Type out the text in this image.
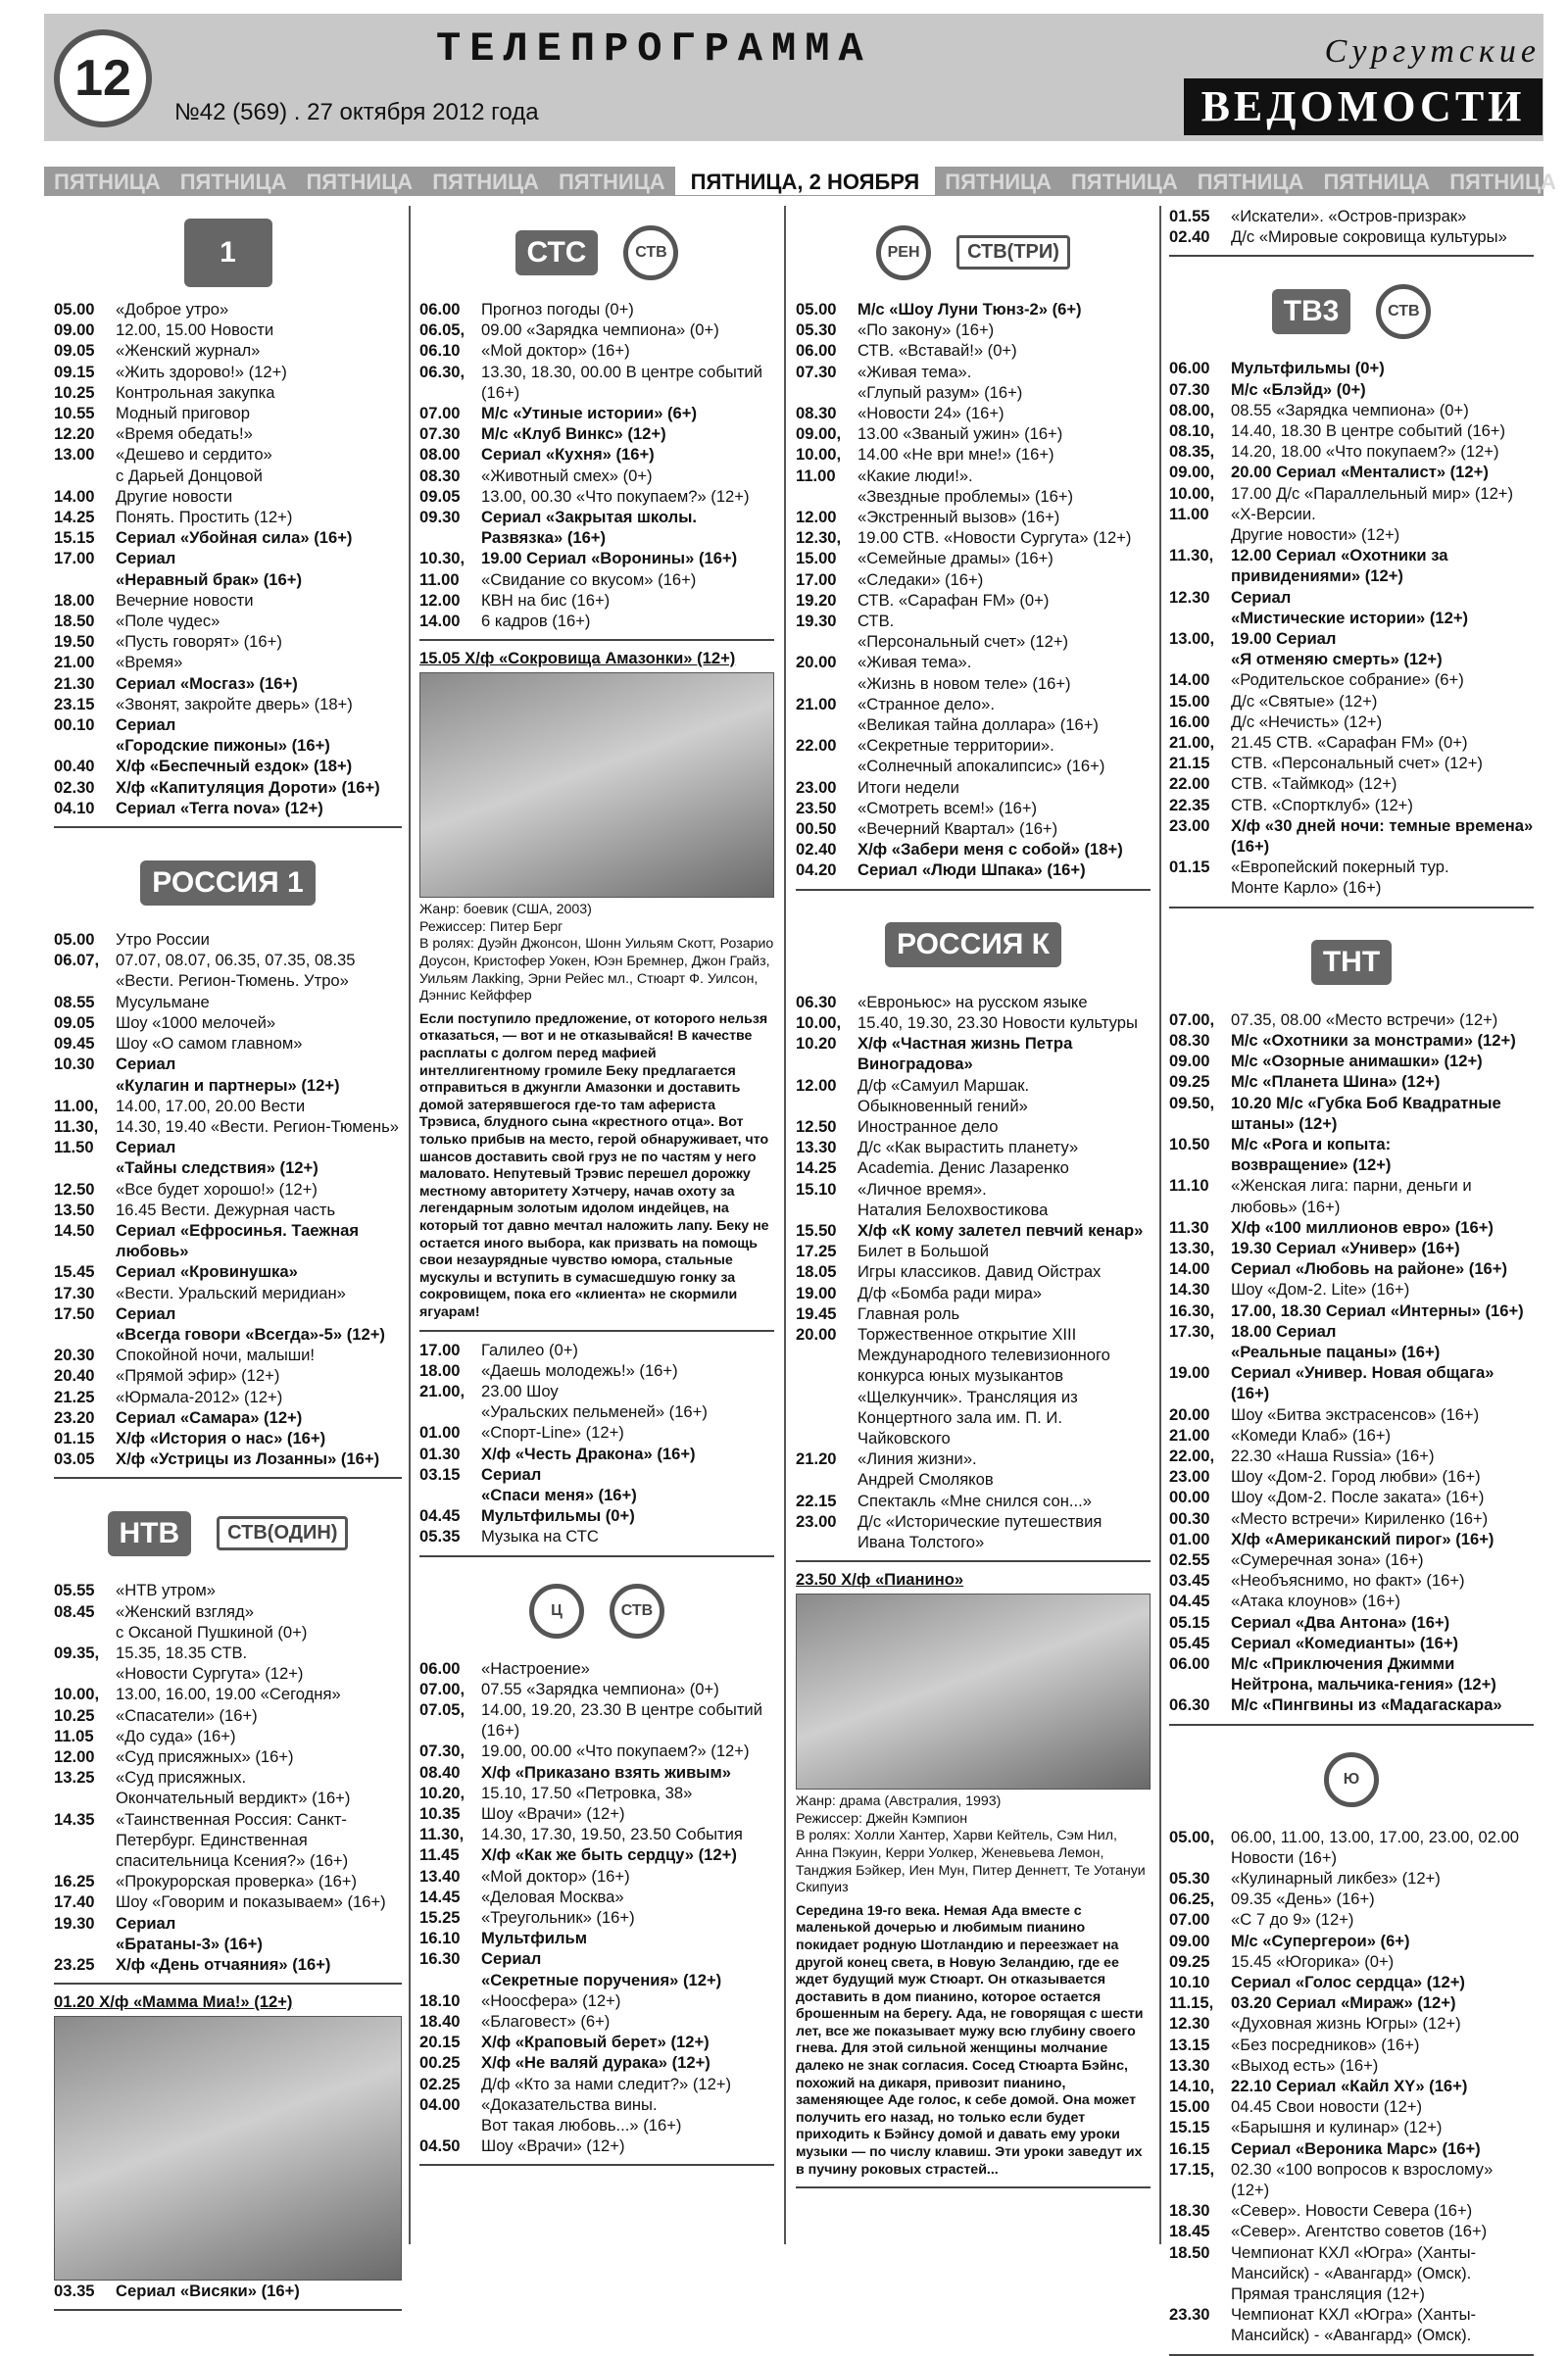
12
ТЕЛЕПРОГРАММА
№42 (569) . 27 октября 2012 года
Сургутские
ВЕДОМОСТИ
ПЯТНИЦА ПЯТНИЦА ПЯТНИЦА ПЯТНИЦА ПЯТНИЦА ПЯТНИЦА, 2 НОЯБРЯ ПЯТНИЦА ПЯТНИЦА ПЯТНИЦА ПЯТНИЦА ПЯТНИЦА
1
05.00	«Доброе утро»
09.00	12.00, 15.00 Новости
09.05	«Женский журнал»
09.15	«Жить здорово!» (12+)
10.25	Контрольная закупка
10.55	Модный приговор
12.20	«Время обедать!»
13.00	«Дешево и сердито»
с Дарьей Донцовой
14.00	Другие новости
14.25	Понять. Простить (12+)
15.15	Сериал «Убойная сила» (16+)
17.00	Сериал
«Неравный брак» (16+)
18.00	Вечерние новости
18.50	«Поле чудес»
19.50	«Пусть говорят» (16+)
21.00	«Время»
21.30	Сериал «Мосгаз» (16+)
23.15	«Звонят, закройте дверь» (18+)
00.10	Сериал
«Городские пижоны» (16+)
00.40	Х/ф «Беспечный ездок» (18+)
02.30	Х/ф «Капитуляция Дороти» (16+)
04.10	Сериал «Terra nova» (12+)
РОССИЯ 1
05.00	Утро России
06.07,	07.07, 08.07, 06.35, 07.35, 08.35 «Вести. Регион-Тюмень. Утро»
08.55	Мусульмане
09.05	Шоу «1000 мелочей»
09.45	Шоу «О самом главном»
10.30	Сериал
«Кулагин и партнеры» (12+)
11.00,	14.00, 17.00, 20.00 Вести
11.30,	14.30, 19.40 «Вести. Регион-Тюмень»
11.50	Сериал
«Тайны следствия» (12+)
12.50	«Все будет хорошо!» (12+)
13.50	16.45 Вести. Дежурная часть
14.50	Сериал «Ефросинья. Таежная любовь»
15.45	Сериал «Кровинушка»
17.30	«Вести. Уральский меридиан»
17.50	Сериал
«Всегда говори «Всегда»-5» (12+)
20.30	Спокойной ночи, малыши!
20.40	«Прямой эфир» (12+)
21.25	«Юрмала-2012» (12+)
23.20	Сериал «Самара» (12+)
01.15	Х/ф «История о нас» (16+)
03.05	Х/ф «Устрицы из Лозанны» (16+)
НТВ	СТВ(ОДИН)
05.55	«НТВ утром»
08.45	«Женский взгляд»
с Оксаной Пушкиной (0+)
09.35,	15.35, 18.35 СТВ.
«Новости Сургута» (12+)
10.00,	13.00, 16.00, 19.00 «Сегодня»
10.25	«Спасатели» (16+)
11.05	«До суда» (16+)
12.00	«Суд присяжных» (16+)
13.25	«Суд присяжных.
Окончательный вердикт» (16+)
14.35	«Таинственная Россия: Санкт-Петербург. Единственная спасительница Ксения?» (16+)
16.25	«Прокурорская проверка» (16+)
17.40	Шоу «Говорим и показываем» (16+)
19.30	Сериал
«Братаны-3» (16+)
23.25	Х/ф «День отчаяния» (16+)
01.20 Х/ф «Мамма Миа!» (12+)
03.35	Сериал «Висяки» (16+)
СТС	СТВ
06.00	Прогноз погоды (0+)
06.05,	09.00 «Зарядка чемпиона» (0+)
06.10	«Мой доктор» (16+)
06.30,	13.30, 18.30, 00.00 В центре событий (16+)
07.00	М/с «Утиные истории» (6+)
07.30	М/с «Клуб Винкс» (12+)
08.00	Сериал «Кухня» (16+)
08.30	«Животный смех» (0+)
09.05	13.00, 00.30 «Что покупаем?» (12+)
09.30	Сериал «Закрытая школы. Развязка» (16+)
10.30,	19.00 Сериал «Воронины» (16+)
11.00	«Свидание со вкусом» (16+)
12.00	КВН на бис (16+)
14.00	6 кадров (16+)
15.05 Х/ф «Сокровища Амазонки» (12+)
Жанр: боевик (США, 2003)
Режиссер: Питер Берг
В ролях: Дуэйн Джонсон, Шонн Уильям Скотт, Розарио Доусон, Кристофер Уокен, Юэн Бремнер, Джон Грайз, Уильям Лакking, Эрни Рейес мл., Стюарт Ф. Уилсон, Дэннис Кейффер
Если поступило предложение, от которого нельзя отказаться, — вот и не отказывайся! В качестве расплаты с долгом перед мафией интеллигентному громиле Беку предлагается отправиться в джунгли Амазонки и доставить домой затерявшегося где-то там афериста Трэвиса, блудного сына «крестного отца». Вот только прибыв на место, герой обнаруживает, что шансов доставить свой груз не по частям у него маловато. Непутевый Трэвис перешел дорожку местному авторитету Хэтчеру, начав охоту за легендарным золотым идолом индейцев, на который тот давно мечтал наложить лапу. Беку не остается иного выбора, как призвать на помощь свои незаурядные чувство юмора, стальные мускулы и вступить в сумасшедшую гонку за сокровищем, пока его «клиента» не скормили ягуарам!
17.00	Галилео (0+)
18.00	«Даешь молодежь!» (16+)
21.00,	23.00 Шоу
«Уральских пельменей» (16+)
01.00	«Спорт-Line» (12+)
01.30	Х/ф «Честь Дракона» (16+)
03.15	Сериал
«Спаси меня» (16+)
04.45	Мультфильмы (0+)
05.35	Музыка на СТС
Ц	СТВ
06.00	«Настроение»
07.00,	07.55 «Зарядка чемпиона» (0+)
07.05,	14.00, 19.20, 23.30 В центре событий (16+)
07.30,	19.00, 00.00 «Что покупаем?» (12+)
08.40	Х/ф «Приказано взять живым»
10.20,	15.10, 17.50 «Петровка, 38»
10.35	Шоу «Врачи» (12+)
11.30,	14.30, 17.30, 19.50, 23.50 События
11.45	Х/ф «Как же быть сердцу» (12+)
13.40	«Мой доктор» (16+)
14.45	«Деловая Москва»
15.25	«Треугольник» (16+)
16.10	Мультфильм
16.30	Сериал
«Секретные поручения» (12+)
18.10	«Ноосфера» (12+)
18.40	«Благовест» (6+)
20.15	Х/ф «Краповый берет» (12+)
00.25	Х/ф «Не валяй дурака» (12+)
02.25	Д/ф «Кто за нами следит?» (12+)
04.00	«Доказательства вины.
Вот такая любовь...» (16+)
04.50	Шоу «Врачи» (12+)
РЕН	СТВ(ТРИ)
05.00	М/с «Шоу Луни Тюнз-2» (6+)
05.30	«По закону» (16+)
06.00	СТВ. «Вставай!» (0+)
07.30	«Живая тема».
«Глупый разум» (16+)
08.30	«Новости 24» (16+)
09.00,	13.00 «Званый ужин» (16+)
10.00,	14.00 «Не ври мне!» (16+)
11.00	«Какие люди!».
«Звездные проблемы» (16+)
12.00	«Экстренный вызов» (16+)
12.30,	19.00 СТВ. «Новости Сургута» (12+)
15.00	«Семейные драмы» (16+)
17.00	«Следаки» (16+)
19.20	СТВ. «Сарафан FM» (0+)
19.30	СТВ.
«Персональный счет» (12+)
20.00	«Живая тема».
«Жизнь в новом теле» (16+)
21.00	«Странное дело».
«Великая тайна доллара» (16+)
22.00	«Секретные территории».
«Солнечный апокалипсис» (16+)
23.00	Итоги недели
23.50	«Смотреть всем!» (16+)
00.50	«Вечерний Квартал» (16+)
02.40	Х/ф «Забери меня с собой» (18+)
04.20	Сериал «Люди Шпака» (16+)
РОССИЯ К
06.30	«Евроньюс» на русском языке
10.00,	15.40, 19.30, 23.30 Новости культуры
10.20	Х/ф «Частная жизнь Петра Виноградова»
12.00	Д/ф «Самуил Маршак.
Обыкновенный гений»
12.50	Иностранное дело
13.30	Д/с «Как вырастить планету»
14.25	Academia. Денис Лазаренко
15.10	«Личное время».
Наталия Белохвостикова
15.50	Х/ф «К кому залетел певчий кенар»
17.25	Билет в Большой
18.05	Игры классиков. Давид Ойстрах
19.00	Д/ф «Бомба ради мира»
19.45	Главная роль
20.00	Торжественное открытие XIII Международного телевизионного конкурса юных музыкантов «Щелкунчик». Трансляция из Концертного зала им. П. И. Чайковского
21.20	«Линия жизни».
Андрей Смоляков
22.15	Спектакль «Мне снился сон...»
23.00	Д/с «Исторические путешествия Ивана Толстого»
23.50 Х/ф «Пианино»
Жанр: драма (Австралия, 1993)
Режиссер: Джейн Кэмпион
В ролях: Холли Хантер, Харви Кейтель, Сэм Нил, Анна Пэкуин, Керри Уолкер, Женевьева Лемон, Танджия Бэйкер, Иен Мун, Питер Деннетт, Те Уотануи Скипуиз
Середина 19-го века. Немая Ада вместе с маленькой дочерью и любимым пианино покидает родную Шотландию и переезжает на другой конец света, в Новую Зеландию, где ее ждет будущий муж Стюарт. Он отказывается доставить в дом пианино, которое остается брошенным на берегу. Ада, не говорящая с шести лет, все же показывает мужу всю глубину своего гнева. Для этой сильной женщины молчание далеко не знак согласия. Сосед Стюарта Бэйнс, похожий на дикаря, привозит пианино, заменяющее Аде голос, к себе домой. Она может получить его назад, но только если будет приходить к Бэйнсу домой и давать ему уроки музыки — по числу клавиш. Эти уроки заведут их в пучину роковых страстей...
01.55	«Искатели». «Остров-призрак»
02.40	Д/с «Мировые сокровища культуры»
ТВ3	СТВ
06.00	Мультфильмы (0+)
07.30	М/с «Блэйд» (0+)
08.00,	08.55 «Зарядка чемпиона» (0+)
08.10,	14.40, 18.30 В центре событий (16+)
08.35,	14.20, 18.00 «Что покупаем?» (12+)
09.00,	20.00 Сериал «Менталист» (12+)
10.00,	17.00 Д/с «Параллельный мир» (12+)
11.00	«Х-Версии.
Другие новости» (12+)
11.30,	12.00 Сериал «Охотники за привидениями» (12+)
12.30	Сериал
«Мистические истории» (12+)
13.00,	19.00 Сериал
«Я отменяю смерть» (12+)
14.00	«Родительское собрание» (6+)
15.00	Д/с «Святые» (12+)
16.00	Д/с «Нечисть» (12+)
21.00,	21.45 СТВ. «Сарафан FM» (0+)
21.15	СТВ. «Персональный счет» (12+)
22.00	СТВ. «Таймкод» (12+)
22.35	СТВ. «Спортклуб» (12+)
23.00	Х/ф «30 дней ночи: темные времена» (16+)
01.15	«Европейский покерный тур.
Монте Карло» (16+)
ТНТ
07.00,	07.35, 08.00 «Место встречи» (12+)
08.30	М/с «Охотники за монстрами» (12+)
09.00	М/с «Озорные анимашки» (12+)
09.25	М/с «Планета Шина» (12+)
09.50,	10.20 М/с «Губка Боб Квадратные штаны» (12+)
10.50	М/с «Рога и копыта:
возвращение» (12+)
11.10	«Женская лига: парни, деньги и любовь» (16+)
11.30	Х/ф «100 миллионов евро» (16+)
13.30,	19.30 Сериал «Универ» (16+)
14.00	Сериал «Любовь на районе» (16+)
14.30	Шоу «Дом-2. Lite» (16+)
16.30,	17.00, 18.30 Сериал «Интерны» (16+)
17.30,	18.00 Сериал
«Реальные пацаны» (16+)
19.00	Сериал «Универ. Новая общага» (16+)
20.00	Шоу «Битва экстрасенсов» (16+)
21.00	«Комеди Клаб» (16+)
22.00,	22.30 «Наша Russia» (16+)
23.00	Шоу «Дом-2. Город любви» (16+)
00.00	Шоу «Дом-2. После заката» (16+)
00.30	«Место встречи» Кириленко (16+)
01.00	Х/ф «Американский пирог» (16+)
02.55	«Сумеречная зона» (16+)
03.45	«Необъяснимо, но факт» (16+)
04.45	«Атака клоунов» (16+)
05.15	Сериал «Два Антона» (16+)
05.45	Сериал «Комедианты» (16+)
06.00	М/с «Приключения Джимми Нейтрона, мальчика-гения» (12+)
06.30	М/с «Пингвины из «Мадагаскара»
Ю
05.00,	06.00, 11.00, 13.00, 17.00, 23.00, 02.00 Новости (16+)
05.30	«Кулинарный ликбез» (12+)
06.25,	09.35 «День» (16+)
07.00	«С 7 до 9» (12+)
09.00	М/с «Супергерои» (6+)
09.25	15.45 «Югорика» (0+)
10.10	Сериал «Голос сердца» (12+)
11.15,	03.20 Сериал «Мираж» (12+)
12.30	«Духовная жизнь Югры» (12+)
13.15	«Без посредников» (16+)
13.30	«Выход есть» (16+)
14.10,	22.10 Сериал «Кайл ХY» (16+)
15.00	04.45 Свои новости (12+)
15.15	«Барышня и кулинар» (12+)
16.15	Сериал «Вероника Марс» (16+)
17.15,	02.30 «100 вопросов к взрослому» (12+)
18.30	«Север». Новости Севера (16+)
18.45	«Север». Агентство советов (16+)
18.50	Чемпионат КХЛ «Югра» (Ханты-Мансийск) - «Авангард» (Омск). Прямая трансляция (12+)
23.30	Чемпионат КХЛ «Югра» (Ханты-Мансийск) - «Авангард» (Омск).
